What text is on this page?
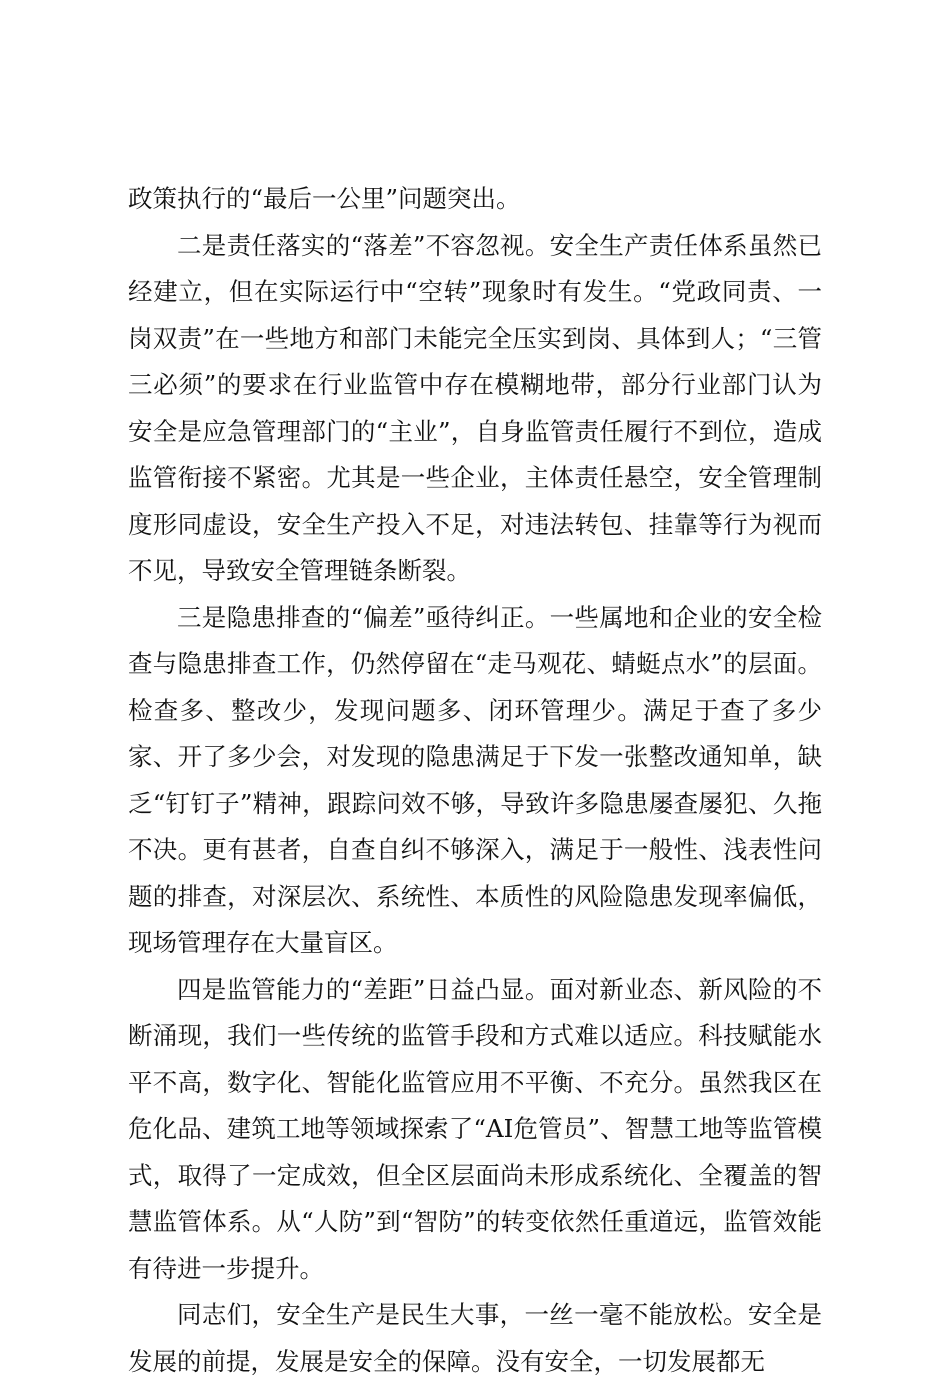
政策执行的“最后一公里”问题突出。

二是责任落实的“落差”不容忽视。安全生产责任体系虽然已经建立，但在实际运行中“空转”现象时有发生。“党政同责、一岗双责”在一些地方和部门未能完全压实到岗、具体到人；“三管三必须”的要求在行业监管中存在模糊地带，部分行业部门认为安全是应急管理部门的“主业”，自身监管责任履行不到位，造成监管衔接不紧密。尤其是一些企业，主体责任悬空，安全管理制度形同虚设，安全生产投入不足，对违法转包、挂靠等行为视而不见，导致安全管理链条断裂。

三是隐患排查的“偏差”亟待纠正。一些属地和企业的安全检查与隐患排查工作，仍然停留在“走马观花、蜻蜓点水”的层面。检查多、整改少，发现问题多、闭环管理少。满足于查了多少家、开了多少会，对发现的隐患满足于下发一张整改通知单，缺乏“钉钉子”精神，跟踪问效不够，导致许多隐患屡查屡犯、久拖不决。更有甚者，自查自纠不够深入，满足于一般性、浅表性问题的排查，对深层次、系统性、本质性的风险隐患发现率偏低，现场管理存在大量盲区。

四是监管能力的“差距”日益凸显。面对新业态、新风险的不断涌现，我们一些传统的监管手段和方式难以适应。科技赋能水平不高，数字化、智能化监管应用不平衡、不充分。虽然我区在危化品、建筑工地等领域探索了“AI危管员”、智慧工地等监管模式，取得了一定成效，但全区层面尚未形成系统化、全覆盖的智慧监管体系。从“人防”到“智防”的转变依然任重道远，监管效能有待进一步提升。

同志们，安全生产是民生大事，一丝一毫不能放松。安全是发展的前提，发展是安全的保障。没有安全，一切发展都无
